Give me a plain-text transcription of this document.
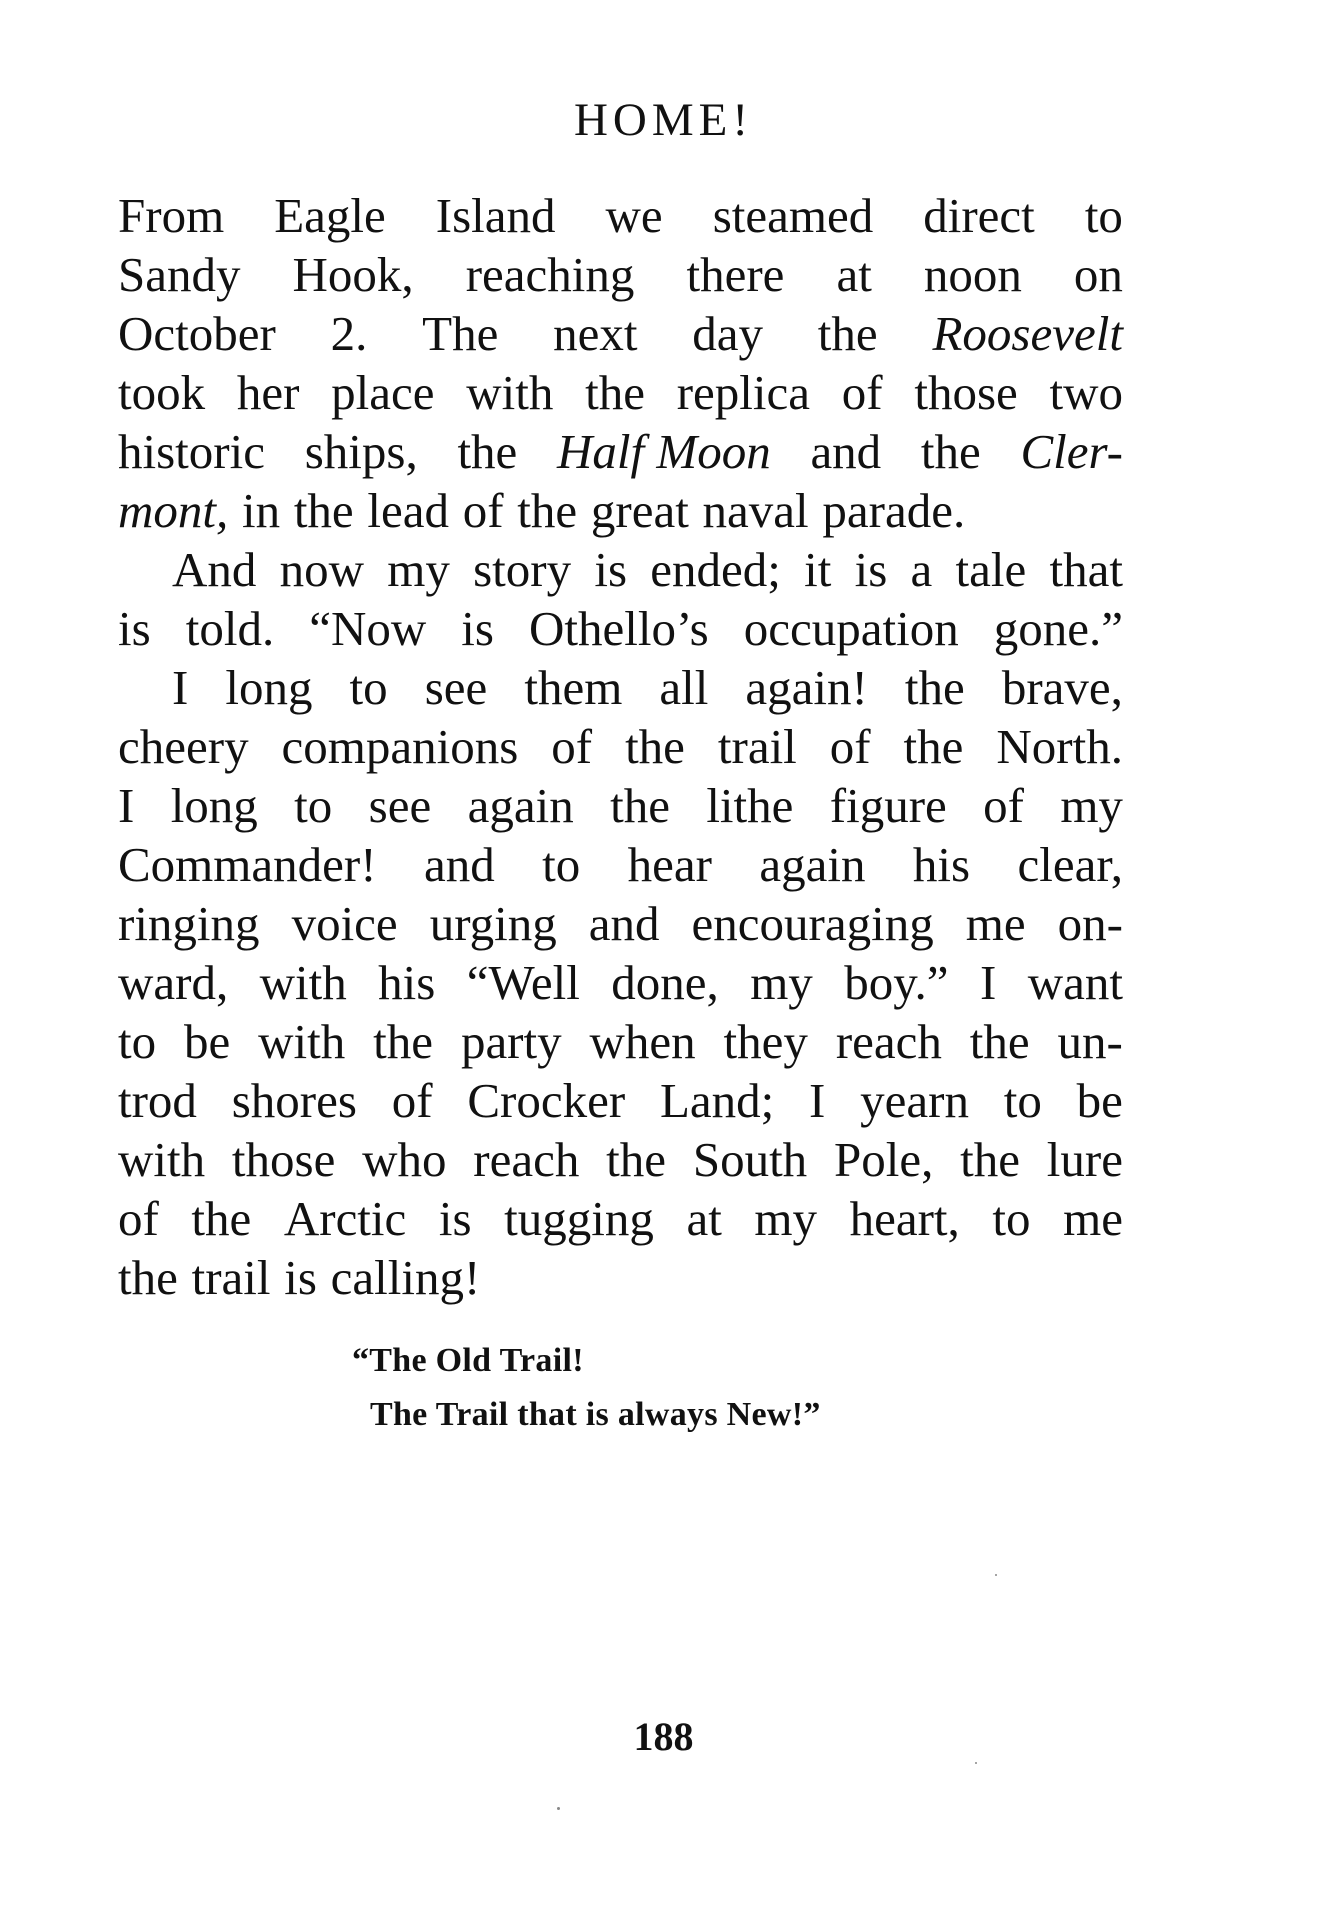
HOME!
From Eagle Island we steamed direct to
Sandy Hook, reaching there at noon on
October 2. The next day the Roosevelt
took her place with the replica of those two
historic ships, the Half Moon and the Cler-
mont, in the lead of the great naval parade.
And now my story is ended; it is a tale that
is told. “Now is Othello’s occupation gone.”
I long to see them all again! the brave,
cheery companions of the trail of the North.
I long to see again the lithe figure of my
Commander! and to hear again his clear,
ringing voice urging and encouraging me on-
ward, with his “Well done, my boy.” I want
to be with the party when they reach the un-
trod shores of Crocker Land; I yearn to be
with those who reach the South Pole, the lure
of the Arctic is tugging at my heart, to me
the trail is calling!
“The Old Trail!
The Trail that is always New!”
188
